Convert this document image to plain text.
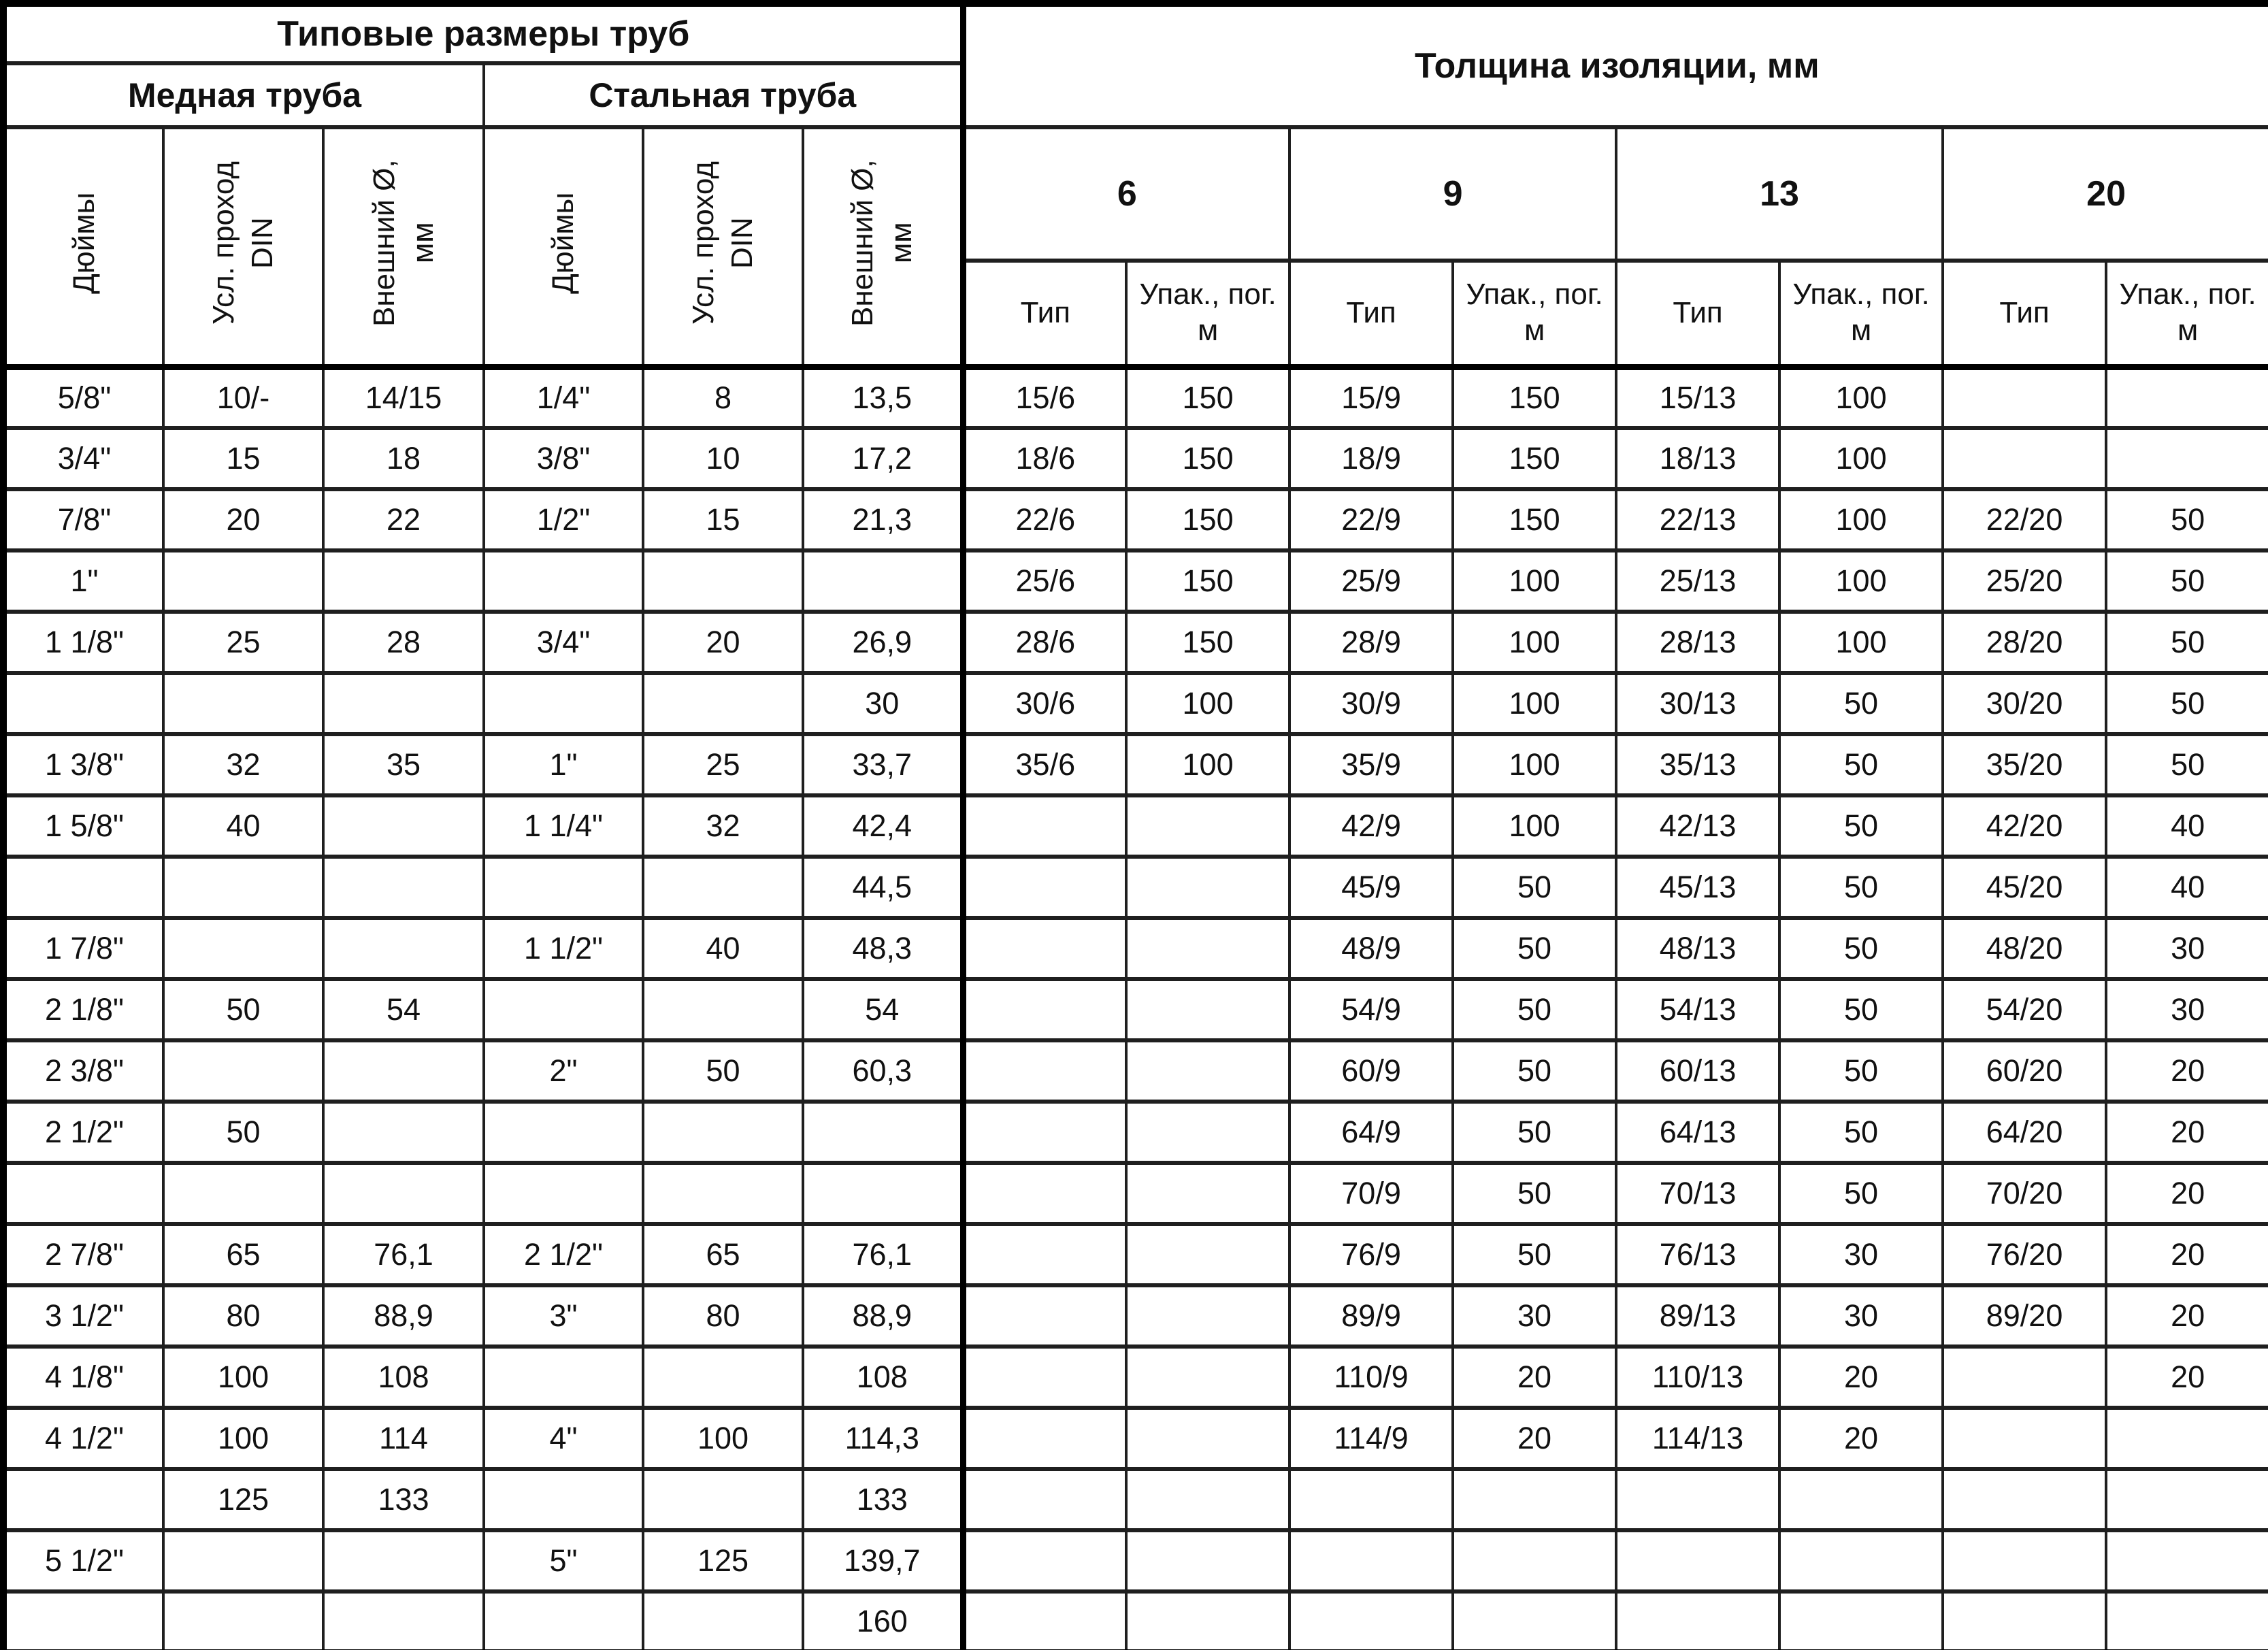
Типовые размеры труб						Толщина изоляции, мм							
Медная труба			Стальная труба										
Дюймы	Усл. проход DIN	Внешний Ø, мм	Дюймы	Усл. проход DIN	Внешний Ø, мм	6		9		13		20	
						Тип	Упак., пог. м	Тип	Упак., пог. м	Тип	Упак., пог. м	Тип	Упак., пог. м
5/8"	10/-	14/15	1/4"	8	13,5	15/6	150	15/9	150	15/13	100		
3/4"	15	18	3/8"	10	17,2	18/6	150	18/9	150	18/13	100		
7/8"	20	22	1/2"	15	21,3	22/6	150	22/9	150	22/13	100	22/20	50
1"						25/6	150	25/9	100	25/13	100	25/20	50
1 1/8"	25	28	3/4"	20	26,9	28/6	150	28/9	100	28/13	100	28/20	50
					30	30/6	100	30/9	100	30/13	50	30/20	50
1 3/8"	32	35	1"	25	33,7	35/6	100	35/9	100	35/13	50	35/20	50
1 5/8"	40		1 1/4"	32	42,4			42/9	100	42/13	50	42/20	40
					44,5			45/9	50	45/13	50	45/20	40
1 7/8"			1 1/2"	40	48,3			48/9	50	48/13	50	48/20	30
2 1/8"	50	54			54			54/9	50	54/13	50	54/20	30
2 3/8"			2"	50	60,3			60/9	50	60/13	50	60/20	20
2 1/2"	50							64/9	50	64/13	50	64/20	20
								70/9	50	70/13	50	70/20	20
2 7/8"	65	76,1	2 1/2"	65	76,1			76/9	50	76/13	30	76/20	20
3 1/2"	80	88,9	3"	80	88,9			89/9	30	89/13	30	89/20	20
4 1/8"	100	108			108			110/9	20	110/13	20		20
4 1/2"	100	114	4"	100	114,3			114/9	20	114/13	20		
	125	133			133								
5 1/2"			5"	125	139,7								
					160								
